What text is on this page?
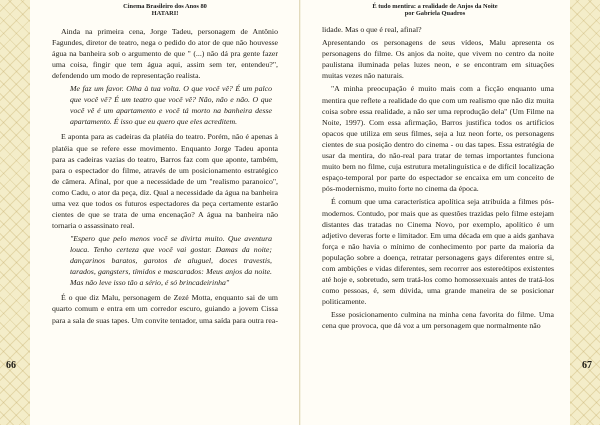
Cinema Brasileiro dos Anos 80
HATARI!

Ainda na primeira cena, Jorge Tadeu, personagem de Antônio Fagundes, diretor de teatro, nega o pedido do ator de que não houvesse água na banheira sob o argumento de que " (...) não dá pra gente fazer uma coisa, fingir que tem água aqui, assim sem ter, entendeu?", defendendo um modo de representação realista.

Me faz um favor. Olha à tua volta. O que você vê? É um palco que você vê? É um teatro que você vê? Não, não e não. O que você vê é um apartamento e você tá morto na banheira desse apartamento. É isso que eu quero que eles acreditem.

E aponta para as cadeiras da platéia do teatro. Porém, não é apenas à platéia que se refere esse movimento. Enquanto Jorge Tadeu aponta para as cadeiras vazias do teatro, Barros faz com que aponte, também, para o espectador do filme, através de um posicionamento estratégico de câmera. Afinal, por que a necessidade de um "realismo paranoico", como Cadu, o ator da peça, diz. Qual a necessidade da água na banheira uma vez que todos os futuros espectadores da peça certamente estarão cientes de que se trata de uma encenação? A água na banheira não tornaria o assassinato real.

"Espero que pelo menos você se divirta muito. Que aventura louca. Tenho certeza que você vai gostar. Damas da noite; dançarinos baratos, garotos de aluguel, doces travestis, tarados, gangsters, tímidos e mascarados: Meus anjos da noite. Mas não leve isso tão a sério, é só brincadeirinha"

É o que diz Malu, personagem de Zezé Motta, enquanto sai de um quarto comum e entra em um corredor escuro, guiando a jovem Cissa para a sala de suas tapes. Um convite tentador, uma saída para outra rea-

66
É tudo mentira: a realidade de Anjos da Noite
por Gabriela Quadros

lidade. Mas o que é real, afinal?

Apresentando os personagens de seus vídeos, Malu apresenta os personagens do filme. Os anjos da noite, que vivem no centro da noite paulistana iluminada pelas luzes neon, e se encontram em situações muitas vezes não naturais.

"A minha preocupação é muito mais com a ficção enquanto uma mentira que reflete a realidade do que com um realismo que não diz muita coisa sobre essa realidade, a não ser uma reprodução dela" (Um Filme na Noite, 1997). Com essa afirmação, Barros justifica todos os artifícios opacos que utiliza em seus filmes, seja a luz neon forte, os personagens cientes de sua posição dentro do cinema - ou das tapes. Essa estratégia de usar da mentira, do não-real para tratar de temas importantes funciona muito bem no filme, cuja estrutura metalinguística e de difícil localização espaço-temporal por parte do espectador se encaixa em um conceito de pós-modernismo, muito forte no cinema da época.

É comum que uma característica apolítica seja atribuída a filmes pós-modernos. Contudo, por mais que as questões trazidas pelo filme estejam distantes das tratadas no Cinema Novo, por exemplo, apolítico é um adjetivo deveras forte e limitador. Em uma década em que a aids ganhava força e não havia o mínimo de conhecimento por parte da maioria da população sobre a doença, retratar personagens gays diferentes entre si, com ambições e vidas diferentes, sem recorrer aos estereótipos existentes até hoje e, sobretudo, sem tratá-los como homossexuais antes de tratá-los como pessoas, é, sem dúvida, uma grande maneira de se posicionar politicamente.

Esse posicionamento culmina na minha cena favorita do filme. Uma cena que provoca, que dá voz a um personagem que normalmente não

67
